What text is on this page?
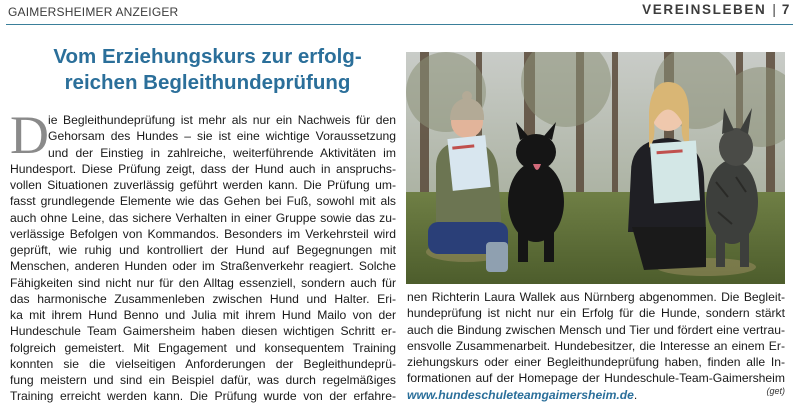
GAIMERSHEIMER ANZEIGER	VEREINSLEBEN | 7
Vom Erziehungskurs zur erfolg-
reichen Begleithundeprüfung
D ie Begleithundeprüfung ist mehr als nur ein Nachweis für den
Gehorsam des Hundes – sie ist eine wichtige Voraussetzung
und der Einstieg in zahlreiche, weiterführende Aktivitäten im
Hundesport. Diese Prüfung zeigt, dass der Hund auch in anspruchs-
vollen Situationen zuverlässig geführt werden kann. Die Prüfung um-
fasst grundlegende Elemente wie das Gehen bei Fuß, sowohl mit als
auch ohne Leine, das sichere Verhalten in einer Gruppe sowie das zu-
verlässige Befolgen von Kommandos. Besonders im Verkehrsteil wird
geprüft, wie ruhig und kontrolliert der Hund auf Begegnungen mit
Menschen, anderen Hunden oder im Straßenverkehr reagiert. Solche
Fähigkeiten sind nicht nur für den Alltag essenziell, sondern auch für
das harmonische Zusammenleben zwischen Hund und Halter. Eri-
ka mit ihrem Hund Benno und Julia mit ihrem Hund Mailo von der
Hundeschule Team Gaimersheim haben diesen wichtigen Schritt er-
folgreich gemeistert. Mit Engagement und konsequentem Training
konnten sie die vielseitigen Anforderungen der Begleithundeprü-
fung meistern und sind ein Beispiel dafür, was durch regelmäßiges
Training erreicht werden kann. Die Prüfung wurde von der erfahre-
nen Richterin Laura Wallek aus Nürnberg abgenommen. Die Begleit-
hundeprüfung ist nicht nur ein Erfolg für die Hunde, sondern stärkt
auch die Bindung zwischen Mensch und Tier und fördert eine vertrau-
ensvolle Zusammenarbeit. Hundebesitzer, die Interesse an einem Er-
ziehungskurs oder einer Begleithundeprüfung haben, finden alle In-
formationen auf der Homepage der Hundeschule-Team-Gaimersheim
www.hundeschuleteamgaimersheim.de.	(get)
